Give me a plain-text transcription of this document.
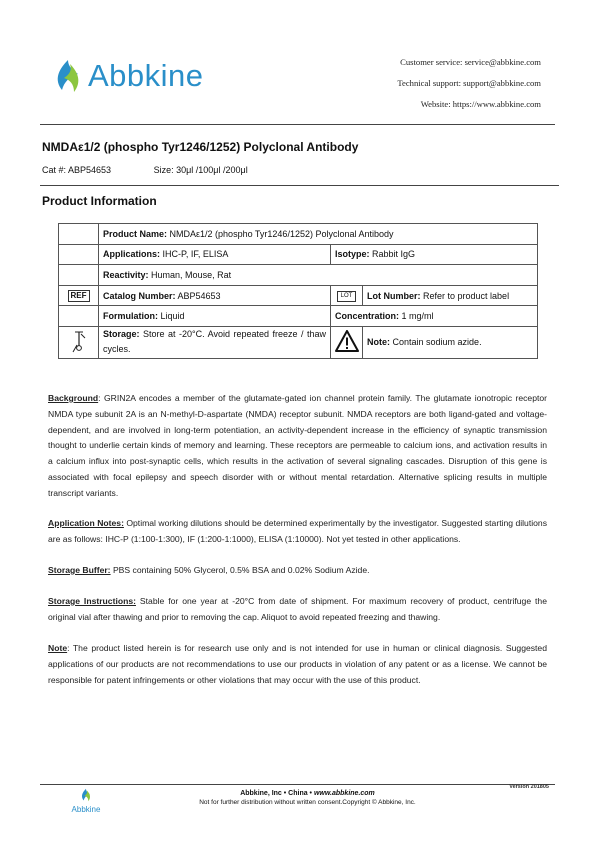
Abbkine	Customer service: service@abbkine.com
Technical support: support@abbkine.com
Website: https://www.abbkine.com
NMDAε1/2 (phospho Tyr1246/1252) Polyclonal Antibody
Cat #: ABP54653	Size: 30μl /100μl /200μl
Product Information
	Product Name: NMDAε1/2 (phospho Tyr1246/1252) Polyclonal Antibody		
	Applications: IHC-P, IF, ELISA	Isotype: Rabbit IgG	
	Reactivity: Human, Mouse, Rat		
REF	Catalog Number: ABP54653	LOT	Lot Number: Refer to product label
	Formulation: Liquid	Concentration: 1 mg/ml	
	Storage: Store at -20°C. Avoid repeated freeze / thaw cycles.		Note: Contain sodium azide.
Background: GRIN2A encodes a member of the glutamate-gated ion channel protein family. The glutamate ionotropic receptor NMDA type subunit 2A is an N-methyl-D-aspartate (NMDA) receptor subunit. NMDA receptors are both ligand-gated and voltage-dependent, and are involved in long-term potentiation, an activity-dependent increase in the efficiency of synaptic transmission thought to underlie certain kinds of memory and learning. These receptors are permeable to calcium ions, and activation results in a calcium influx into post-synaptic cells, which results in the activation of several signaling cascades. Disruption of this gene is associated with focal epilepsy and speech disorder with or without mental retardation. Alternative splicing results in multiple transcript variants.
Application Notes: Optimal working dilutions should be determined experimentally by the investigator. Suggested starting dilutions are as follows: IHC-P (1:100-1:300), IF (1:200-1:1000), ELISA (1:10000). Not yet tested in other applications.
Storage Buffer: PBS containing 50% Glycerol, 0.5% BSA and 0.02% Sodium Azide.
Storage Instructions: Stable for one year at -20°C from date of shipment. For maximum recovery of product, centrifuge the original vial after thawing and prior to removing the cap. Aliquot to avoid repeated freezing and thawing.
Note: The product listed herein is for research use only and is not intended for use in human or clinical diagnosis. Suggested applications of our products are not recommendations to use our products in violation of any patent or as a license. We cannot be responsible for patent infringements or other violations that may occur with the use of this product.
Version 201805
Abbkine
Abbkine, Inc • China • www.abbkine.com
Not for further distribution without written consent.Copyright © Abbkine, Inc.
